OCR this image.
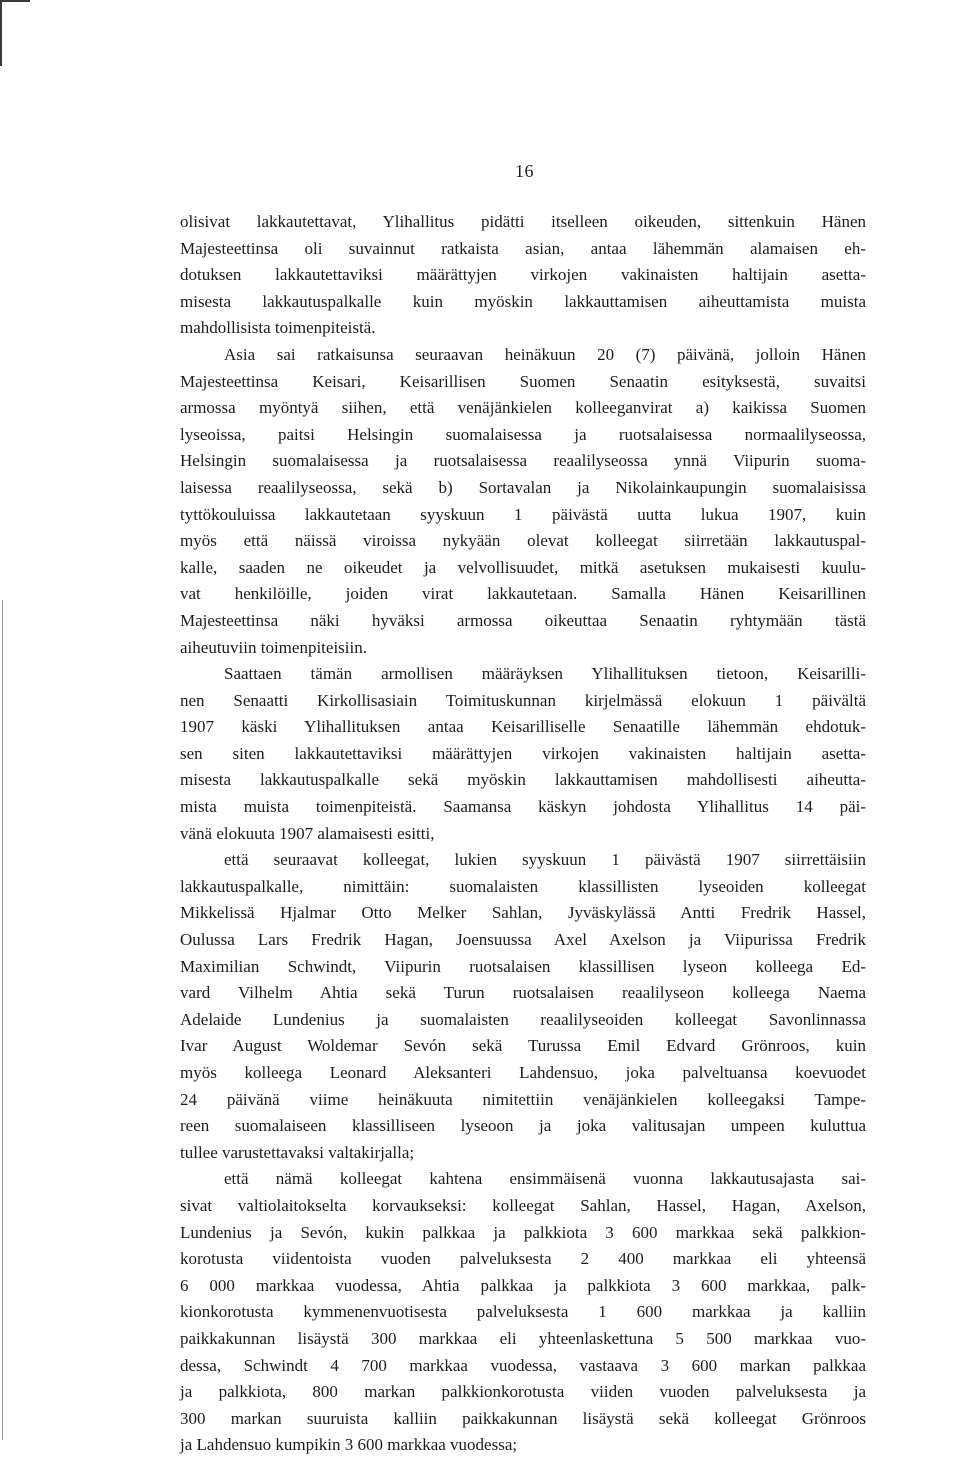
16
olisivat lakkautettavat, Ylihallitus pidätti itselleen oikeuden, sittenkuin Hänen
Majesteettinsa oli suvainnut ratkaista asian, antaa lähemmän alamaisen eh-
dotuksen lakkautettaviksi määrättyjen virkojen vakinaisten haltijain asetta-
misesta lakkautuspalkalle kuin myöskin lakkauttamisen aiheuttamista muista
mahdollisista toimenpiteistä.
Asia sai ratkaisunsa seuraavan heinäkuun 20 (7) päivänä, jolloin Hänen
Majesteettinsa Keisari, Keisarillisen Suomen Senaatin esityksestä, suvaitsi
armossa myöntyä siihen, että venäjänkielen kolleeganvirat a) kaikissa Suomen
lyseoissa, paitsi Helsingin suomalaisessa ja ruotsalaisessa normaalilyseossa,
Helsingin suomalaisessa ja ruotsalaisessa reaalilyseossa ynnä Viipurin suoma-
laisessa reaalilyseossa, sekä b) Sortavalan ja Nikolainkaupungin suomalaisissa
tyttökouluissa lakkautetaan syyskuun 1 päivästä uutta lukua 1907, kuin
myös että näissä viroissa nykyään olevat kolleegat siirretään lakkautuspal-
kalle, saaden ne oikeudet ja velvollisuudet, mitkä asetuksen mukaisesti kuulu-
vat henkilöille, joiden virat lakkautetaan. Samalla Hänen Keisarillinen
Majesteettinsa näki hyväksi armossa oikeuttaa Senaatin ryhtymään tästä
aiheutuviin toimenpiteisiin.
Saattaen tämän armollisen määräyksen Ylihallituksen tietoon, Keisarilli-
nen Senaatti Kirkollisasiain Toimituskunnan kirjelmässä elokuun 1 päivältä
1907 käski Ylihallituksen antaa Keisarilliselle Senaatille lähemmän ehdotuk-
sen siten lakkautettaviksi määrättyjen virkojen vakinaisten haltijain asetta-
misesta lakkautuspalkalle sekä myöskin lakkauttamisen mahdollisesti aiheutta-
mista muista toimenpiteistä. Saamansa käskyn johdosta Ylihallitus 14 päi-
vänä elokuuta 1907 alamaisesti esitti,
että seuraavat kolleegat, lukien syyskuun 1 päivästä 1907 siirrettäisiin
lakkautuspalkalle, nimittäin: suomalaisten klassillisten lyseoiden kolleegat
Mikkelissä Hjalmar Otto Melker Sahlan, Jyväskylässä Antti Fredrik Hassel,
Oulussa Lars Fredrik Hagan, Joensuussa Axel Axelson ja Viipurissa Fredrik
Maximilian Schwindt, Viipurin ruotsalaisen klassillisen lyseon kolleega Ed-
vard Vilhelm Ahtia sekä Turun ruotsalaisen reaalilyseon kolleega Naema
Adelaide Lundenius ja suomalaisten reaalilyseoiden kolleegat Savonlinnassa
Ivar August Woldemar Sevón sekä Turussa Emil Edvard Grönroos, kuin
myös kolleega Leonard Aleksanteri Lahdensuo, joka palveltuansa koevuodet
24 päivänä viime heinäkuuta nimitettiin venäjänkielen kolleegaksi Tampe-
reen suomalaiseen klassilliseen lyseoon ja joka valitusajan umpeen kuluttua
tullee varustettavaksi valtakirjalla;
että nämä kolleegat kahtena ensimmäisenä vuonna lakkautusajasta sai-
sivat valtiolaitokselta korvaukseksi: kolleegat Sahlan, Hassel, Hagan, Axelson,
Lundenius ja Sevón, kukin palkkaa ja palkkiota 3 600 markkaa sekä palkkion-
korotusta viidentoista vuoden palveluksesta 2 400 markkaa eli yhteensä
6 000 markkaa vuodessa, Ahtia palkkaa ja palkkiota 3 600 markkaa, palk-
kionkorotusta kymmenenvuotisesta palveluksesta 1 600 markkaa ja kalliin
paikkakunnan lisäystä 300 markkaa eli yhteenlaskettuna 5 500 markkaa vuo-
dessa, Schwindt 4 700 markkaa vuodessa, vastaava 3 600 markan palkkaa
ja palkkiota, 800 markan palkkionkorotusta viiden vuoden palveluksesta ja
300 markan suuruista kalliin paikkakunnan lisäystä sekä kolleegat Grönroos
ja Lahdensuo kumpikin 3 600 markkaa vuodessa;
